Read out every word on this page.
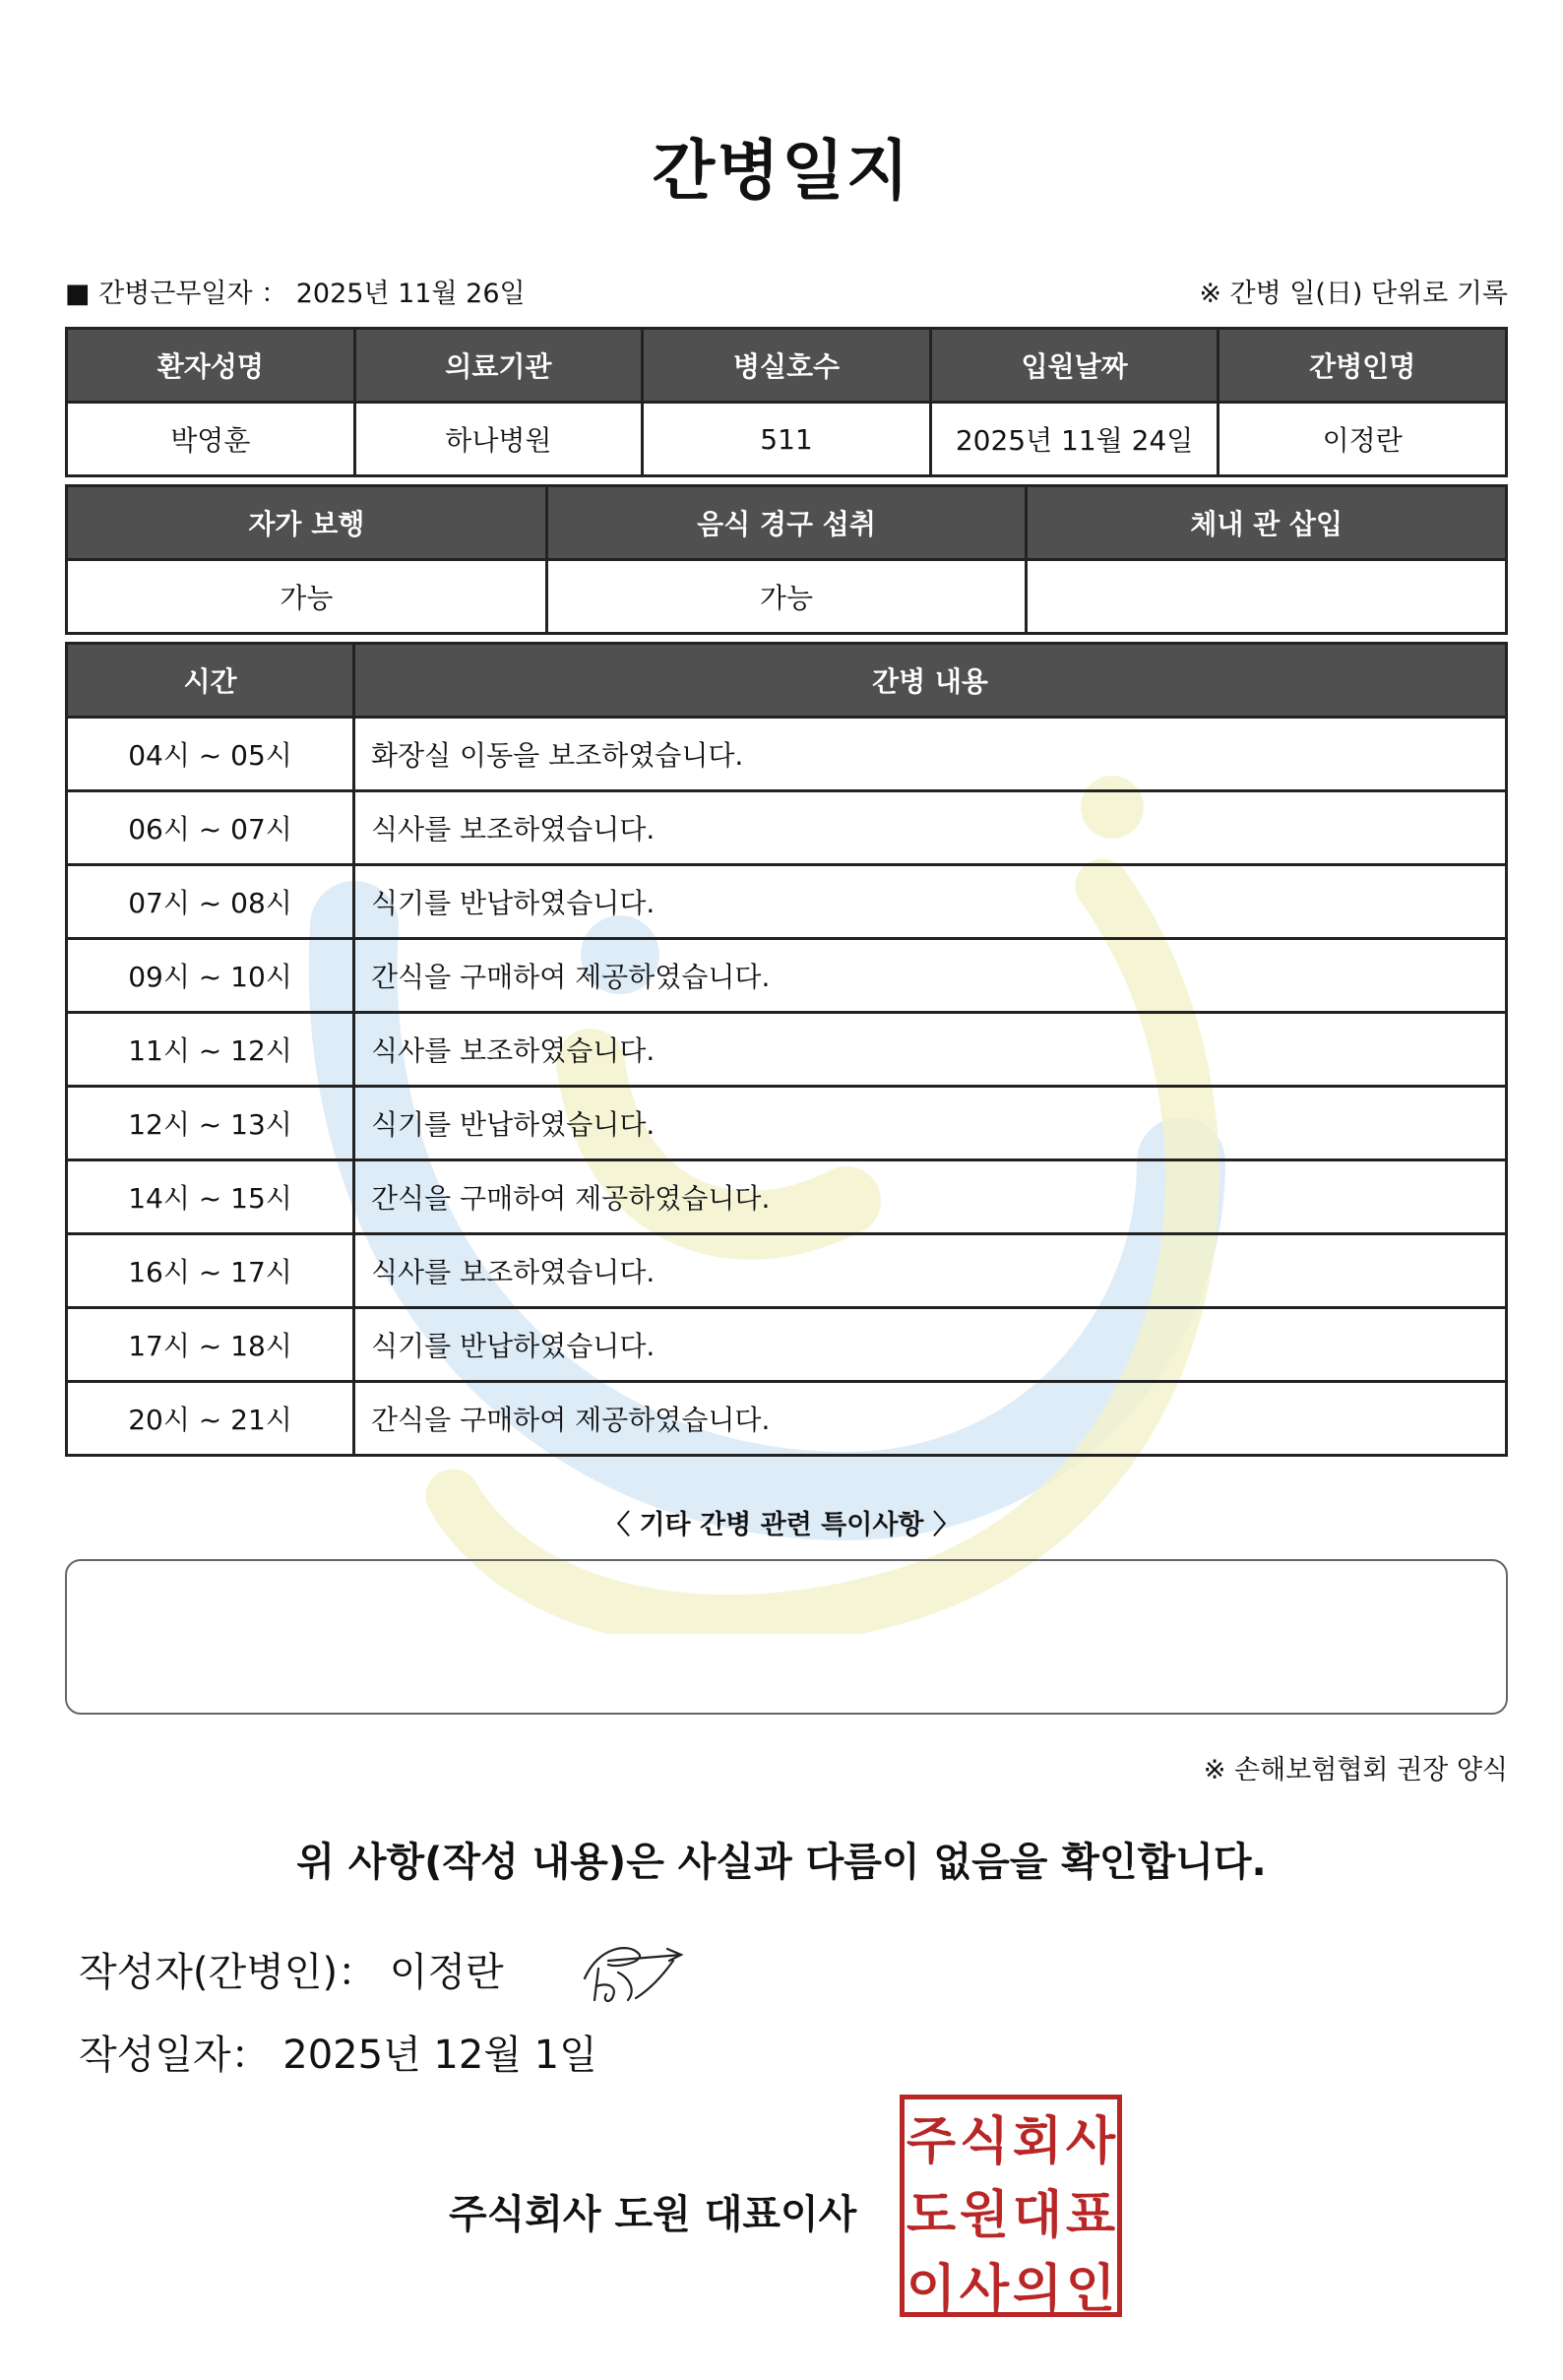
간병일지
■ 간병근무일자 ： 2025년 11월 26일	※ 간병 일(日) 단위로 기록
환자성명	의료기관	병실호수	입원날짜	간병인명
박영훈	하나병원	511	2025년 11월 24일	이정란
자가 보행	음식 경구 섭취	체내 관 삽입
가능	가능	
시간	간병 내용
04시 ~ 05시	화장실 이동을 보조하였습니다.
06시 ~ 07시	식사를 보조하였습니다.
07시 ~ 08시	식기를 반납하였습니다.
09시 ~ 10시	간식을 구매하여 제공하였습니다.
11시 ~ 12시	식사를 보조하였습니다.
12시 ~ 13시	식기를 반납하였습니다.
14시 ~ 15시	간식을 구매하여 제공하였습니다.
16시 ~ 17시	식사를 보조하였습니다.
17시 ~ 18시	식기를 반납하였습니다.
20시 ~ 21시	간식을 구매하여 제공하였습니다.
〈 기타 간병 관련 특이사항 〉
※ 손해보험협회 권장 양식
위 사항(작성 내용)은 사실과 다름이 없음을 확인합니다.
작성자(간병인)： 이정란
작성일자： 2025년 12월 1일
주식회사 도원 대표이사
주 식 회 사
도 원 대 표
이 사 의 인
